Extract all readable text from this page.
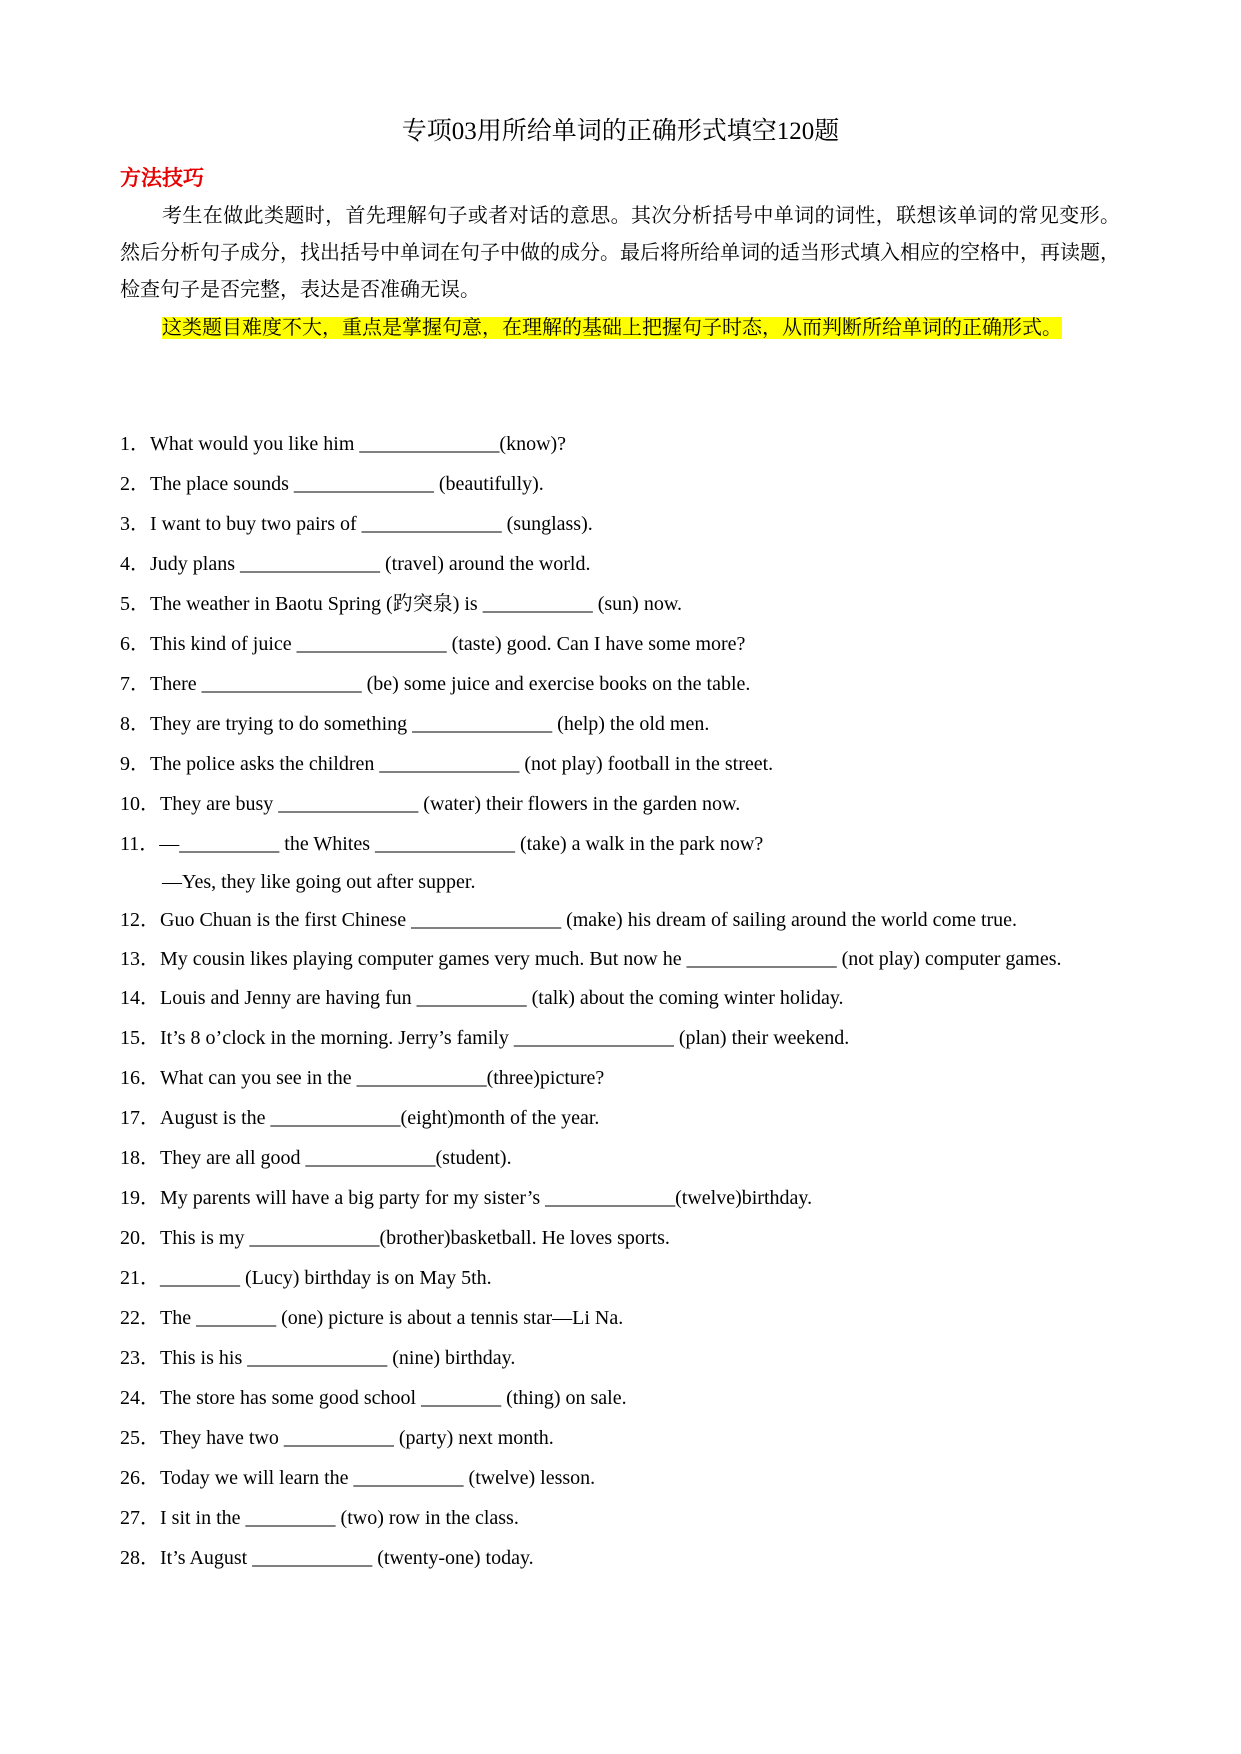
专项03用所给单词的正确形式填空120题
方法技巧

考生在做此类题时，首先理解句子或者对话的意思。其次分析括号中单词的词性，联想该单词的常见变形。然后分析句子成分，找出括号中单词在句子中做的成分。最后将所给单词的适当形式填入相应的空格中，再读题，检查句子是否完整，表达是否准确无误。

这类题目难度不大，重点是掌握句意，在理解的基础上把握句子时态，从而判断所给单词的正确形式。

1．What would you like him ______________(know)?
2．The place sounds ______________ (beautifully).
3．I want to buy two pairs of ______________ (sunglass).
4．Judy plans ______________ (travel) around the world.
5．The weather in Baotu Spring (趵突泉) is ___________ (sun) now.
6．This kind of juice _______________ (taste) good. Can I have some more?
7．There ________________ (be) some juice and exercise books on the table.
8．They are trying to do something ______________ (help) the old men.
9．The police asks the children ______________ (not play) football in the street.
10．They are busy ______________ (water) their flowers in the garden now.
11．—__________ the Whites ______________ (take) a walk in the park now?
—Yes, they like going out after supper.
12．Guo Chuan is the first Chinese _______________ (make) his dream of sailing around the world come true.
13．My cousin likes playing computer games very much. But now he _______________ (not play) computer games.
14．Louis and Jenny are having fun ___________ (talk) about the coming winter holiday.
15．It’s 8 o’clock in the morning. Jerry’s family ________________ (plan) their weekend.
16．What can you see in the _____________(three)picture?
17．August is the _____________(eight)month of the year.
18．They are all good _____________(student).
19．My parents will have a big party for my sister’s _____________(twelve)birthday.
20．This is my _____________(brother)basketball. He loves sports.
21．________ (Lucy) birthday is on May 5th.
22．The ________ (one) picture is about a tennis star—Li Na.
23．This is his ______________ (nine) birthday.
24．The store has some good school ________ (thing) on sale.
25．They have two ___________ (party) next month.
26．Today we will learn the ___________ (twelve) lesson.
27．I sit in the _________ (two) row in the class.
28．It’s August ____________ (twenty-one) today.
